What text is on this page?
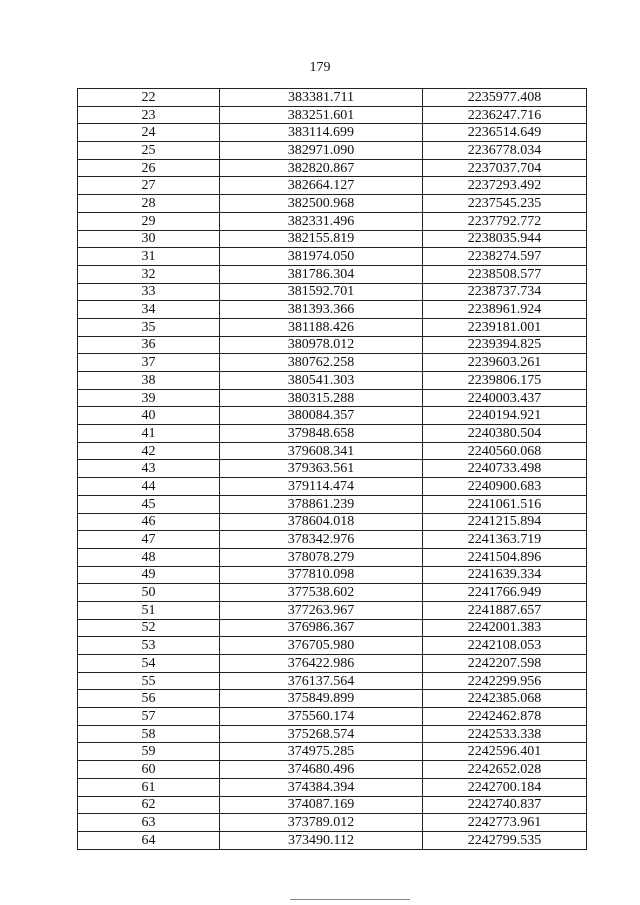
179
22	383381.711	2235977.408
23	383251.601	2236247.716
24	383114.699	2236514.649
25	382971.090	2236778.034
26	382820.867	2237037.704
27	382664.127	2237293.492
28	382500.968	2237545.235
29	382331.496	2237792.772
30	382155.819	2238035.944
31	381974.050	2238274.597
32	381786.304	2238508.577
33	381592.701	2238737.734
34	381393.366	2238961.924
35	381188.426	2239181.001
36	380978.012	2239394.825
37	380762.258	2239603.261
38	380541.303	2239806.175
39	380315.288	2240003.437
40	380084.357	2240194.921
41	379848.658	2240380.504
42	379608.341	2240560.068
43	379363.561	2240733.498
44	379114.474	2240900.683
45	378861.239	2241061.516
46	378604.018	2241215.894
47	378342.976	2241363.719
48	378078.279	2241504.896
49	377810.098	2241639.334
50	377538.602	2241766.949
51	377263.967	2241887.657
52	376986.367	2242001.383
53	376705.980	2242108.053
54	376422.986	2242207.598
55	376137.564	2242299.956
56	375849.899	2242385.068
57	375560.174	2242462.878
58	375268.574	2242533.338
59	374975.285	2242596.401
60	374680.496	2242652.028
61	374384.394	2242700.184
62	374087.169	2242740.837
63	373789.012	2242773.961
64	373490.112	2242799.535
